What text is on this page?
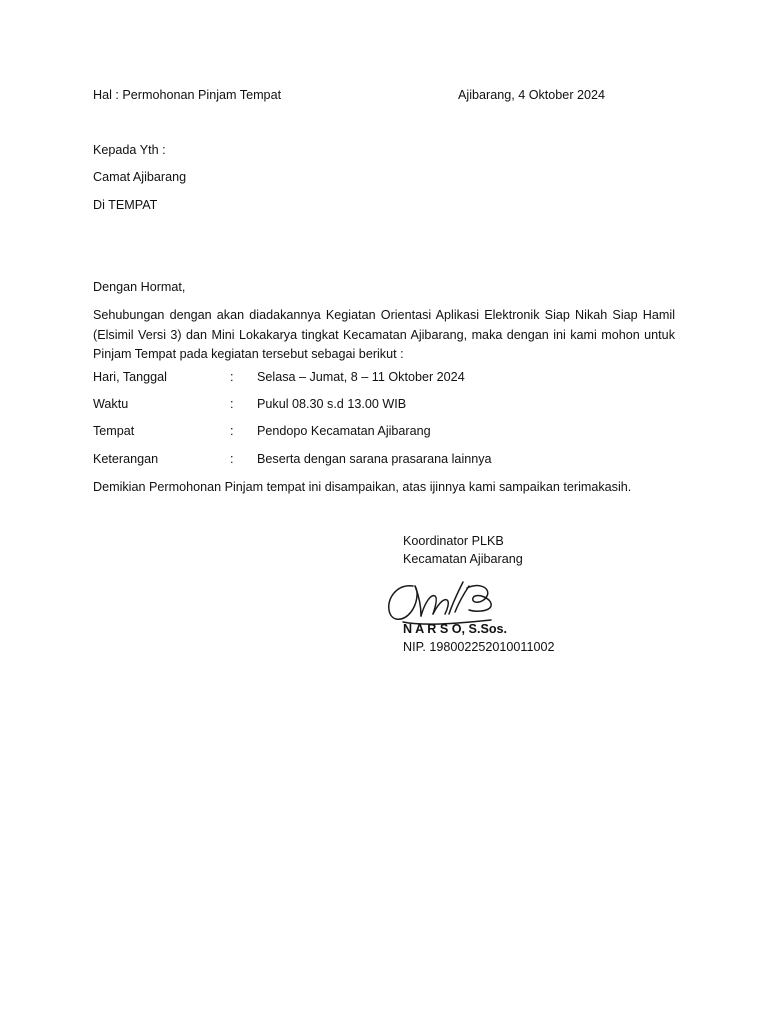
Hal : Permohonan Pinjam Tempat	Ajibarang, 4 Oktober 2024
Kepada Yth :
Camat Ajibarang
Di TEMPAT
Dengan Hormat,
Sehubungan dengan akan diadakannya Kegiatan Orientasi Aplikasi Elektronik Siap Nikah Siap Hamil (Elsimil Versi 3) dan Mini Lokakarya tingkat Kecamatan Ajibarang, maka dengan ini kami mohon untuk Pinjam Tempat pada kegiatan tersebut sebagai berikut :
Hari, Tanggal	: Selasa – Jumat, 8 – 11 Oktober 2024
Waktu	: Pukul 08.30 s.d 13.00 WIB
Tempat	: Pendopo Kecamatan Ajibarang
Keterangan	: Beserta dengan sarana prasarana lainnya
Demikian Permohonan Pinjam tempat ini disampaikan, atas ijinnya kami sampaikan terimakasih.
Koordinator PLKB
Kecamatan Ajibarang
N A R S O, S.Sos.
NIP. 198002252010011002
